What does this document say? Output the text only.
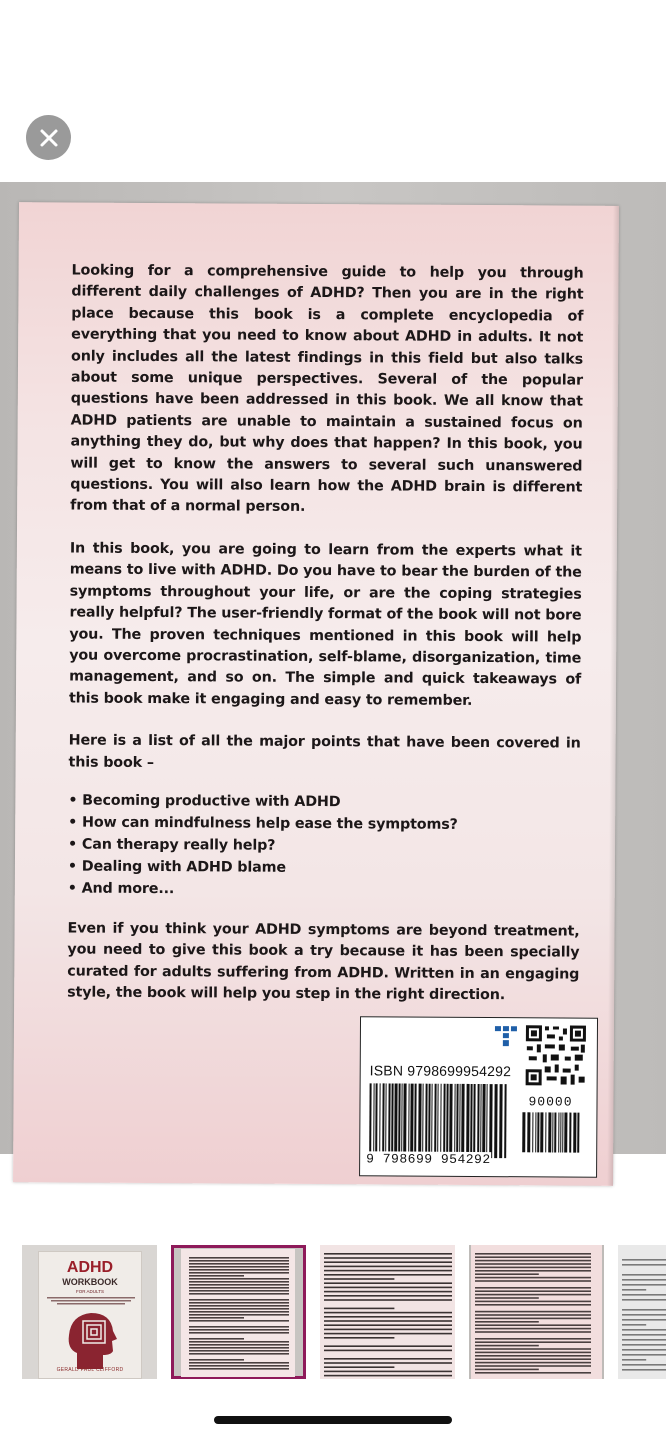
Looking for a comprehensive guide to help you through different daily challenges of ADHD? Then you are in the right place because this book is a complete encyclopedia of everything that you need to know about ADHD in adults. It not only includes all the latest findings in this field but also talks about some unique perspectives. Several of the popular questions have been addressed in this book. We all know that ADHD patients are unable to maintain a sustained focus on anything they do, but why does that happen? In this book, you will get to know the answers to several such unanswered questions. You will also learn how the ADHD brain is different from that of a normal person.

In this book, you are going to learn from the experts what it means to live with ADHD. Do you have to bear the burden of the symptoms throughout your life, or are the coping strategies really helpful? The user-friendly format of the book will not bore you. The proven techniques mentioned in this book will help you overcome procrastination, self-blame, disorganization, time management, and so on. The simple and quick takeaways of this book make it engaging and easy to remember.

Here is a list of all the major points that have been covered in this book –

• Becoming productive with ADHD
• How can mindfulness help ease the symptoms?
• Can therapy really help?
• Dealing with ADHD blame
• And more...

Even if you think your ADHD symptoms are beyond treatment, you need to give this book a try because it has been specially curated for adults suffering from ADHD. Written in an engaging style, the book will help you step in the right direction.

ISBN 9798699954292
9 798699 954292
90000
ADHD
WORKBOOK
FOR ADULTS
GERALD PAUL CLIFFORD
